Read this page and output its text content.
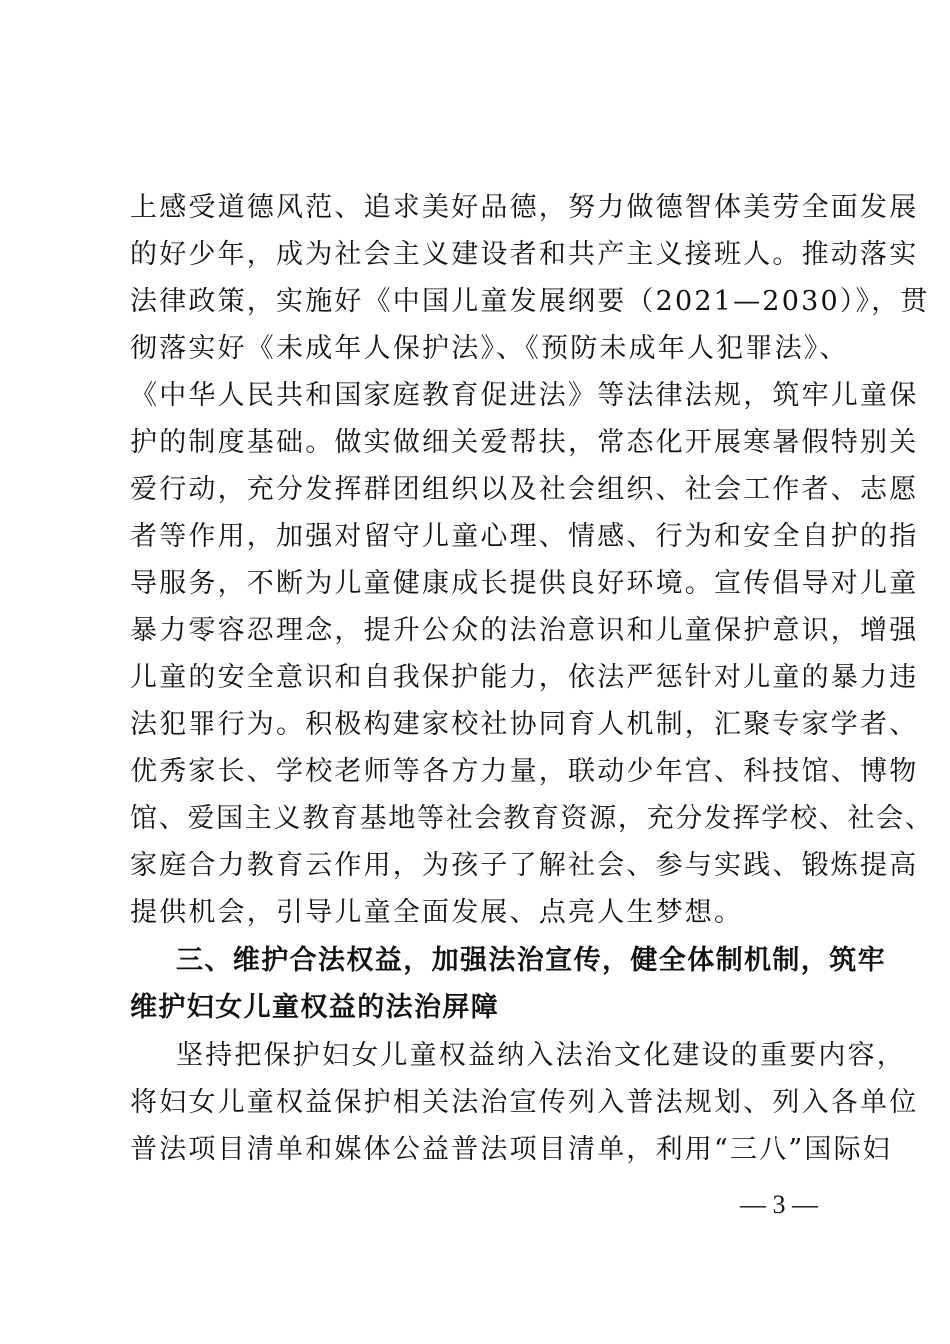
上感受道德风范、追求美好品德，努力做德智体美劳全面发展
的好少年，成为社会主义建设者和共产主义接班人。推动落实
法律政策，实施好《中国儿童发展纲要（2021—2030）》，贯
彻落实好《未成年人保护法》、《预防未成年人犯罪法》、
《中华人民共和国家庭教育促进法》等法律法规，筑牢儿童保
护的制度基础。做实做细关爱帮扶，常态化开展寒暑假特别关
爱行动，充分发挥群团组织以及社会组织、社会工作者、志愿
者等作用，加强对留守儿童心理、情感、行为和安全自护的指
导服务，不断为儿童健康成长提供良好环境。宣传倡导对儿童
暴力零容忍理念，提升公众的法治意识和儿童保护意识，增强
儿童的安全意识和自我保护能力，依法严惩针对儿童的暴力违
法犯罪行为。积极构建家校社协同育人机制，汇聚专家学者、
优秀家长、学校老师等各方力量，联动少年宫、科技馆、博物
馆、爱国主义教育基地等社会教育资源，充分发挥学校、社会、
家庭合力教育云作用，为孩子了解社会、参与实践、锻炼提高
提供机会，引导儿童全面发展、点亮人生梦想。
三、维护合法权益，加强法治宣传，健全体制机制，筑牢
维护妇女儿童权益的法治屏障
坚持把保护妇女儿童权益纳入法治文化建设的重要内容，
将妇女儿童权益保护相关法治宣传列入普法规划、列入各单位
普法项目清单和媒体公益普法项目清单，利用“三八”国际妇
— 3 —
